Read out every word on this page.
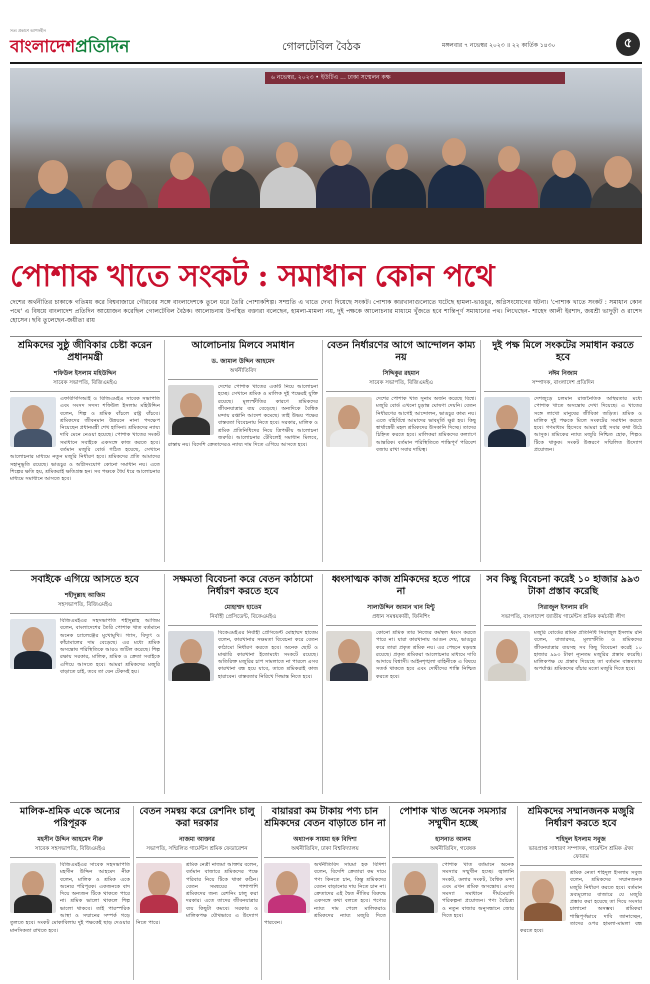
সত্য প্রকাশে আপসহীন
বাংলাদেশপ্রতিদিন	গোলটেবিল বৈঠক	মঙ্গলবার ৭ নভেম্বর ২০২৩ ॥ ২২ কার্তিক ১৪৩০	৫
৬ নভেম্বর, ২০২৩ • ইউটিএ ... ঢাকা সম্মেলন কক্ষ
পোশাক খাতে সংকট : সমাধান কোন পথে
দেশের অর্থনীতির চাকাকে গতিময় করে বিশ্ববাজারে গৌরবের সঙ্গে বাংলাদেশকে তুলে ধরে তৈরি পোশাকশিল্প। সম্প্রতি এ খাতে দেখা দিয়েছে সংকট। পোশাক কারখানাগুলোতে ঘটেছে হামলা-ভাঙচুর, অগ্নিসংযোগের ঘটনা। 'পোশাক খাতে সংকট : সমাধান কোন পথে' এ বিষয়ে বাংলাদেশ প্রতিদিন আয়োজন করেছিল গোলটেবিল বৈঠক। আলোচনায় উপস্থিত বক্তারা বলেছেন, হামলা-মামলা নয়, দুই পক্ষকে আলোচনার মাধ্যমে খুঁজতে হবে শান্তিপূর্ণ সমাধানের পথ। লিখেছেন- শাহেদ আলী ইরশাদ, জয়শ্রী ভাদুড়ী ও রাশেদ হোসেন। ছবি তুলেছেন-জয়ীতা রায়
শ্রমিকদের সুষ্ঠু জীবিকার চেষ্টা করেন প্রধানমন্ত্রী
শফিউল ইসলাম মহিউদ্দিন
সাবেক সভাপতি, বিজিএমইএ
এফবিসিসিআই ও বিজিএমইএ সাবেক সভাপতি এবং সংসদ সদস্য শফিউল ইসলাম মহিউদ্দিন বলেন, শিল্প ও শ্রমিক বাঁচলে রাষ্ট্র বাঁচবে। শ্রমিকদের জীবনমান উন্নয়নে নানা পদক্ষেপ নিয়েছেন প্রধানমন্ত্রী শেখ হাসিনা। শ্রমিকদের ন্যায্য দাবি মেনে নেওয়া হয়েছে। পোশাক খাতের সংকট সমাধানে সবাইকে একসঙ্গে কাজ করতে হবে। বর্তমান মজুরি বোর্ড গঠিত হয়েছে, সেখানে আলোচনার মাধ্যমে নতুন মজুরি নির্ধারণ হবে। শ্রমিকদের প্রতি আমাদের সহানুভূতি রয়েছে। ভাঙচুর ও অগ্নিসংযোগ কোনো সমাধান নয়। এতে শিল্পের ক্ষতি হয়, শ্রমিকরাই ক্ষতিগ্রস্ত হন। সব পক্ষকে ধৈর্য ধরে আলোচনার মাধ্যমে সমাধানে আসতে হবে।
আলোচনায় মিলবে সমাধান
ড. জামাল উদ্দিন আহমেদ
অর্থনীতিবিদ
দেশের পোশাক খাতের একটি নিয়ে আলোচনা হচ্ছে। সেখানে শ্রমিক ও মালিক দুই পক্ষেরই যুক্তি রয়েছে। মূল্যস্ফীতির কারণে শ্রমিকদের জীবনযাত্রার ব্যয় বেড়েছে। অন্যদিকে বৈশ্বিক মন্দায় রপ্তানি আদেশ কমেছে। তাই উভয় পক্ষের বাস্তবতা বিবেচনায় নিতে হবে। সরকার, মালিক ও শ্রমিক প্রতিনিধিদের নিয়ে ত্রিপক্ষীয় আলোচনা জরুরি। আলোচনার টেবিলেই সমাধান মিলবে, রাস্তায় নয়। বিদেশি ক্রেতাদেরও ন্যায্য দাম দিতে এগিয়ে আসতে হবে।
বেতন নির্ধারণের আগে আন্দোলন কাম্য নয়
সিদ্দিকুর রহমান
সাবেক সভাপতি, বিজিএমইএ
দেশের পোশাক খাত সুনাম অর্জন করেছে বিশ্বে। মজুরি বোর্ড এখনো চূড়ান্ত ঘোষণা দেয়নি। বেতন নির্ধারণের আগেই আন্দোলন, ভাঙচুর কাম্য নয়। এতে বহির্বিশ্বে আমাদের ভাবমূর্তি ক্ষুণ্ণ হয়। কিছু স্বার্থান্বেষী মহল শ্রমিকদের উসকানি দিচ্ছে। তাদের চিহ্নিত করতে হবে। মালিকরা শ্রমিকদের কল্যাণে আন্তরিক। বর্তমান পরিস্থিতিতে শান্তিপূর্ণ পরিবেশ বজায় রাখা সবার দায়িত্ব।
দুই পক্ষ মিলে সংকটের সমাধান করতে হবে
নঈম নিজাম
সম্পাদক, বাংলাদেশ প্রতিদিন
দেশজুড়ে চলমান রাজনৈতিক অস্থিরতার মধ্যে পোশাক খাতে অসন্তোষ দেখা দিয়েছে। এ খাতের সঙ্গে লাখো মানুষের জীবিকা জড়িত। শ্রমিক ও মালিক দুই পক্ষকে মিলে সংকটের সমাধান করতে হবে। গণমাধ্যম হিসেবে আমরা চাই সবার কথা উঠে আসুক। শ্রমিকের ন্যায্য মজুরি নিশ্চিত হোক, শিল্পও টিকে থাকুক। সংকট উত্তরণে সম্মিলিত উদ্যোগ প্রয়োজন।
সবাইকে এগিয়ে আসতে হবে
শহীদুল্লাহ আজিম
সহসভাপতি, বিজিএমইএ
বিজিএমইএর সহসভাপতি শহীদুল্লাহ আজিম বলেন, বাংলাদেশের তৈরি পোশাক খাত বর্তমানে অনেক চ্যালেঞ্জের মুখোমুখি। গ্যাস, বিদ্যুৎ ও কাঁচামালের দাম বেড়েছে। এর মধ্যে শ্রমিক অসন্তোষ পরিস্থিতিকে আরও জটিল করেছে। শিল্প রক্ষায় সরকার, মালিক, শ্রমিক ও ক্রেতা সবাইকে এগিয়ে আসতে হবে। আমরা শ্রমিকদের মজুরি বাড়াতে চাই, তবে তা যেন টেকসই হয়।
সক্ষমতা বিবেচনা করে বেতন কাঠামো নির্ধারণ করতে হবে
মোহাম্মদ হাতেম
নির্বাহী প্রেসিডেন্ট, বিকেএমইএ
বিকেএমইএর নির্বাহী প্রেসিডেন্ট মোহাম্মদ হাতেম বলেন, কারখানার সক্ষমতা বিবেচনা করে বেতন কাঠামো নির্ধারণ করতে হবে। অনেক ছোট ও মাঝারি কারখানা ইতোমধ্যে সংকটে রয়েছে। অতিরিক্ত মজুরির চাপ সামলাতে না পারলে এসব কারখানা বন্ধ হয়ে যাবে, তাতে শ্রমিকরাই কাজ হারাবেন। বাস্তবতার নিরিখে সিদ্ধান্ত নিতে হবে।
ধ্বংসাত্মক কাজ শ্রমিকদের হতে পারে না
সালাউদ্দিন জামান খান মিন্টু
প্রধান সমন্বয়কারী, ফিনিশিং
কোনো শ্রমিক তার নিজের কর্মস্থল ধ্বংস করতে পারে না। যারা কারখানায় আগুন দেয়, ভাঙচুর করে তারা প্রকৃত শ্রমিক নয়। এর পেছনে ষড়যন্ত্র রয়েছে। প্রকৃত শ্রমিকরা আলোচনার মাধ্যমে দাবি আদায়ে বিশ্বাসী। আইনশৃঙ্খলা বাহিনীকে এ বিষয়ে সতর্ক থাকতে হবে এবং দোষীদের শাস্তি নিশ্চিত করতে হবে।
সব কিছু বিবেচনা করেই ১০ হাজার ৯৯৩ টাকা প্রস্তাব করেছি
সিরাজুল ইসলাম রনি
সভাপতি, বাংলাদেশ জাতীয় গার্মেন্টস শ্রমিক কর্মচারী লীগ
মজুরি বোর্ডের শ্রমিক প্রতিনিধি সিরাজুল ইসলাম রনি বলেন, বাজারদর, মূল্যস্ফীতি ও শ্রমিকদের জীবনযাত্রার ব্যয়সহ সব কিছু বিবেচনা করেই ১০ হাজার ৯৯৩ টাকা ন্যূনতম মজুরির প্রস্তাব করেছি। মালিকপক্ষ যে প্রস্তাব দিয়েছে তা বর্তমান বাস্তবতায় অপর্যাপ্ত। শ্রমিকদের বাঁচার মতো মজুরি দিতে হবে।
মালিক-শ্রমিক একে অন্যের পরিপূরক
মহসীন উদ্দিন আহমেদ নীরু
সাবেক সহসভাপতি, বিজিএমইএ
বিজিএমইএর সাবেক সহসভাপতি মহসীন উদ্দিন আহমেদ নীরু বলেন, মালিক ও শ্রমিক একে অন্যের পরিপূরক। একজনকে বাদ দিয়ে অন্যজন টিকে থাকতে পারে না। শ্রমিক ভালো থাকলে শিল্প ভালো থাকবে। তাই পারস্পরিক আস্থা ও সম্মানের সম্পর্ক গড়ে তুলতে হবে। সংকট মোকাবিলায় দুই পক্ষকেই ছাড় দেওয়ার মানসিকতা রাখতে হবে।
বেতন সমন্বয় করে রেশনিং চালু করা দরকার
নাজমা আক্তার
সভাপতি, সম্মিলিত গার্মেন্টস শ্রমিক ফেডারেশন
শ্রমিক নেত্রী নাজমা আক্তার বলেন, বর্তমান বাজারে শ্রমিকদের পক্ষে পরিবার নিয়ে টিকে থাকা কঠিন। বেতন সমন্বয়ের পাশাপাশি শ্রমিকদের জন্য রেশনিং চালু করা দরকার। এতে তাদের জীবনযাত্রার ব্যয় কিছুটা কমবে। সরকার ও মালিকপক্ষ যৌথভাবে এ উদ্যোগ নিতে পারে।
বায়াররা কম টাকায় পণ্য চান শ্রমিকদের বেতন বাড়াতে চান না
অধ্যাপক সায়মা হক বিদিশা
অর্থনীতিবিদ, ঢাকা বিশ্ববিদ্যালয়
অর্থনীতিবিদ সায়মা হক বিদিশা বলেন, বিদেশি ক্রেতারা কম দামে পণ্য কিনতে চান, কিন্তু শ্রমিকদের বেতন বাড়ানোর দায় নিতে চান না। ক্রেতাদের এই দ্বৈত নীতির বিরুদ্ধে একসঙ্গে কথা বলতে হবে। পণ্যের ন্যায্য দাম পেলে মালিকরাও শ্রমিকদের ন্যায্য মজুরি দিতে পারবেন।
পোশাক খাত অনেক সমস্যার সম্মুখীন হচ্ছে
হাসনাত আলম
অর্থনীতিবিদ, গবেষক
পোশাক খাত বর্তমানে অনেক সমস্যার সম্মুখীন হচ্ছে। জ্বালানি সংকট, ডলার সংকট, বৈশ্বিক মন্দা এবং এখন শ্রমিক অসন্তোষ। এসব সমস্যা সমাধানে দীর্ঘমেয়াদি পরিকল্পনা প্রয়োজন। পণ্য বৈচিত্র্য ও নতুন বাজার অনুসন্ধানে জোর দিতে হবে।
শ্রমিকদের সম্মানজনক মজুরি নির্ধারণ করতে হবে
শহিদুল ইসলাম সবুজ
ভারপ্রাপ্ত সাধারণ সম্পাদক, গার্মেন্টস শ্রমিক ঐক্য ফোরাম
শ্রমিক নেতা শহিদুল ইসলাম সবুজ বলেন, শ্রমিকদের সম্মানজনক মজুরি নির্ধারণ করতে হবে। বর্তমান দ্রব্যমূল্যের বাজারে যে মজুরি প্রস্তাব করা হয়েছে তা দিয়ে সংসার চালানো অসম্ভব। শ্রমিকরা শান্তিপূর্ণভাবে দাবি জানাচ্ছেন, তাদের ওপর হামলা-মামলা বন্ধ করতে হবে।
